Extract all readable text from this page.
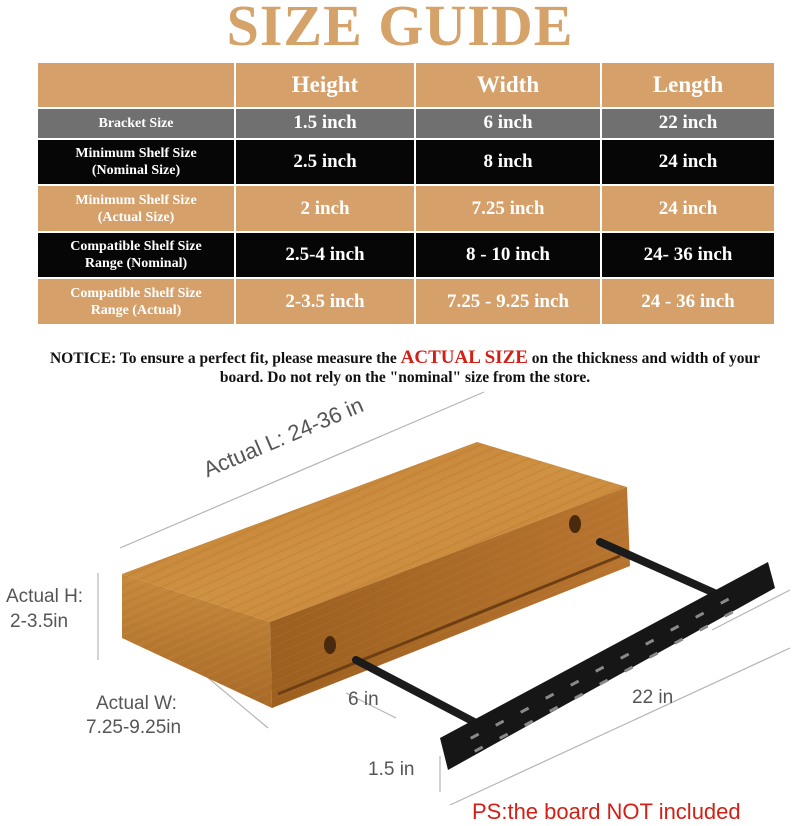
SIZE GUIDE
	Height	Width	Length
Bracket Size	1.5 inch	6 inch	22 inch
Minimum Shelf Size
(Nominal Size)	2.5 inch	8 inch	24 inch
Minimum Shelf Size
(Actual Size)	2 inch	7.25 inch	24 inch
Compatible Shelf Size
Range (Nominal)	2.5-4 inch	8 - 10 inch	24- 36 inch
Compatible Shelf Size
Range (Actual)	2-3.5 inch	7.25 - 9.25 inch	24 - 36 inch
NOTICE: To ensure a perfect fit, please measure the ACTUAL SIZE on the thickness and width of your board. Do not rely on the "nominal" size from the store.
Actual L: 24-36 in
Actual H:
2-3.5in
Actual W:
7.25-9.25in
6 in	22 in
1.5 in
PS:the board NOT included
